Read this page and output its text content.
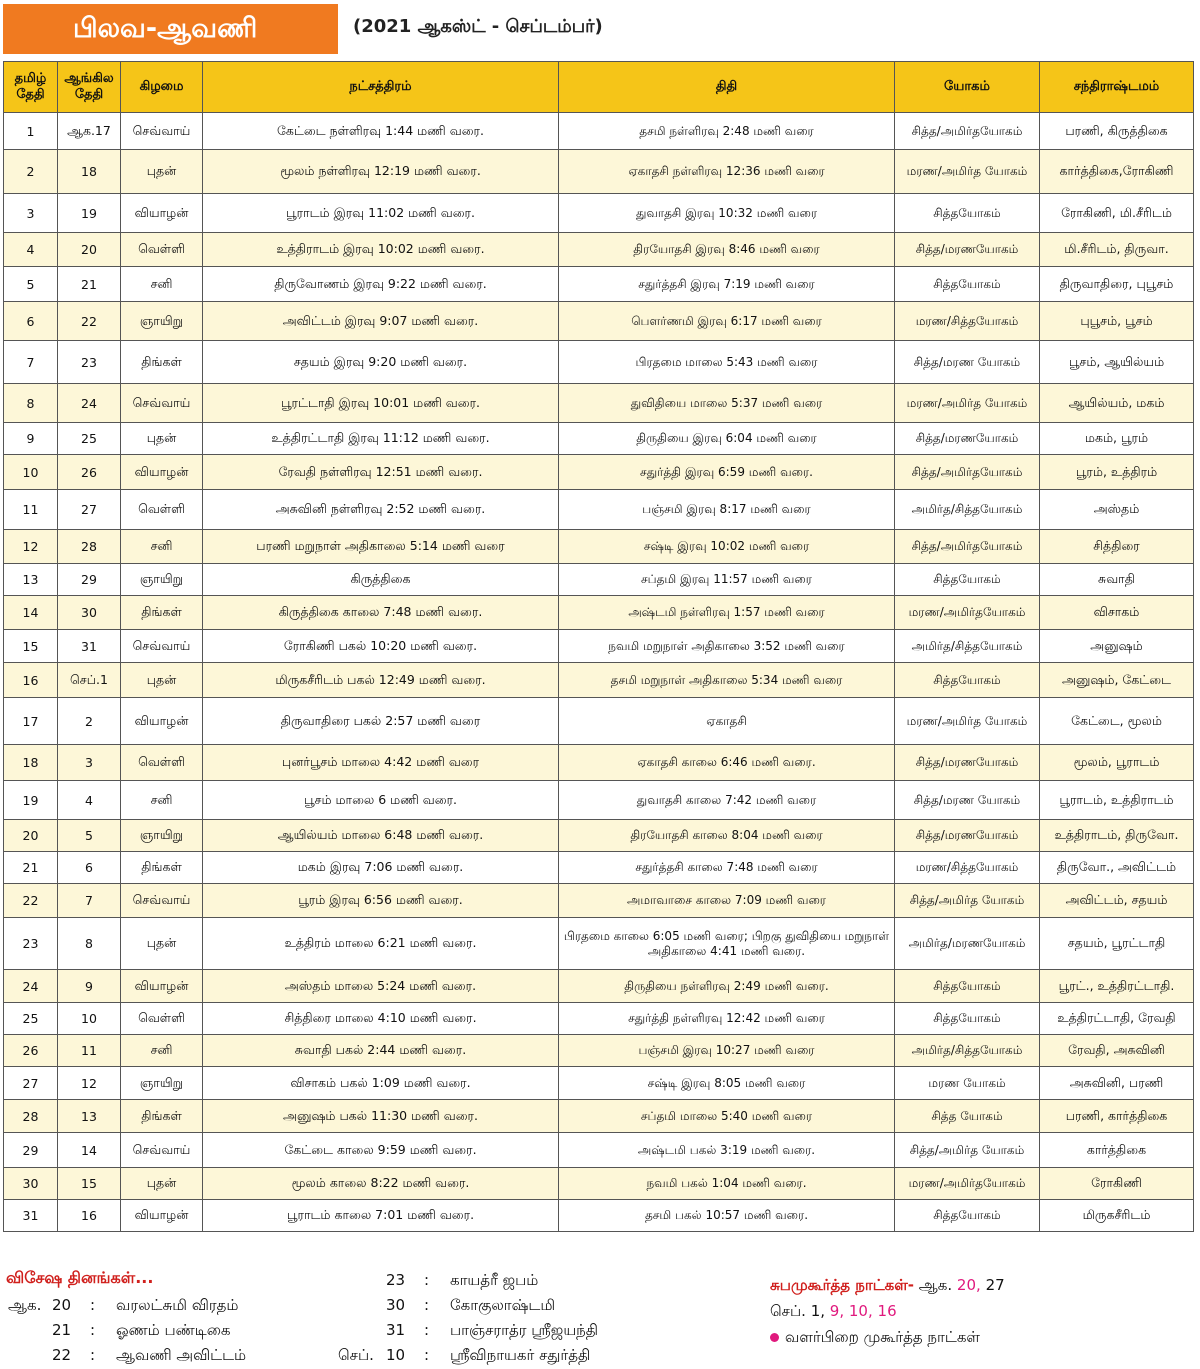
பிலவ-ஆவணி	(2021 ஆகஸ்ட் - செப்டம்பர்)
தமிழ் தேதி	ஆங்கில தேதி	கிழமை	நட்சத்திரம்	திதி	யோகம்	சந்திராஷ்டமம்
1	ஆக.17	செவ்வாய்	கேட்டை நள்ளிரவு 1:44 மணி வரை.	தசமி நள்ளிரவு 2:48 மணி வரை	சித்த/அமிர்தயோகம்	பரணி, கிருத்திகை
2	18	புதன்	மூலம் நள்ளிரவு 12:19 மணி வரை.	ஏகாதசி நள்ளிரவு 12:36 மணி வரை	மரண/அமிர்த யோகம்	கார்த்திகை,ரோகிணி
3	19	வியாழன்	பூராடம் இரவு 11:02 மணி வரை.	துவாதசி இரவு 10:32 மணி வரை	சித்தயோகம்	ரோகிணி, மி.சீரிடம்
4	20	வெள்ளி	உத்திராடம் இரவு 10:02 மணி வரை.	திரயோதசி இரவு 8:46 மணி வரை	சித்த/மரணயோகம்	மி.சீரிடம், திருவா.
5	21	சனி	திருவோணம் இரவு 9:22 மணி வரை.	சதுர்த்தசி இரவு 7:19 மணி வரை	சித்தயோகம்	திருவாதிரை, புபூசம்
6	22	ஞாயிறு	அவிட்டம் இரவு 9:07 மணி வரை.	பௌர்ணமி இரவு 6:17 மணி வரை	மரண/சித்தயோகம்	புபூசம், பூசம்
7	23	திங்கள்	சதயம் இரவு 9:20 மணி வரை.	பிரதமை மாலை 5:43 மணி வரை	சித்த/மரண யோகம்	பூசம், ஆயில்யம்
8	24	செவ்வாய்	பூரட்டாதி இரவு 10:01 மணி வரை.	துவிதியை மாலை 5:37 மணி வரை	மரண/அமிர்த யோகம்	ஆயில்யம், மகம்
9	25	புதன்	உத்திரட்டாதி இரவு 11:12 மணி வரை.	திருதியை இரவு 6:04 மணி வரை	சித்த/மரணயோகம்	மகம், பூரம்
10	26	வியாழன்	ரேவதி நள்ளிரவு 12:51 மணி வரை.	சதுர்த்தி இரவு 6:59 மணி வரை.	சித்த/அமிர்தயோகம்	பூரம், உத்திரம்
11	27	வெள்ளி	அசுவினி நள்ளிரவு 2:52 மணி வரை.	பஞ்சமி இரவு 8:17 மணி வரை	அமிர்த/சித்தயோகம்	அஸ்தம்
12	28	சனி	பரணி மறுநாள் அதிகாலை 5:14 மணி வரை	சஷ்டி இரவு 10:02 மணி வரை	சித்த/அமிர்தயோகம்	சித்திரை
13	29	ஞாயிறு	கிருத்திகை	சப்தமி இரவு 11:57 மணி வரை	சித்தயோகம்	சுவாதி
14	30	திங்கள்	கிருத்திகை காலை 7:48 மணி வரை.	அஷ்டமி நள்ளிரவு 1:57 மணி வரை	மரண/அமிர்தயோகம்	விசாகம்
15	31	செவ்வாய்	ரோகிணி பகல் 10:20 மணி வரை.	நவமி மறுநாள் அதிகாலை 3:52 மணி வரை	அமிர்த/சித்தயோகம்	அனுஷம்
16	செப்.1	புதன்	மிருகசீரிடம் பகல் 12:49 மணி வரை.	தசமி மறுநாள் அதிகாலை 5:34 மணி வரை	சித்தயோகம்	அனுஷம், கேட்டை
17	2	வியாழன்	திருவாதிரை பகல் 2:57 மணி வரை	ஏகாதசி	மரண/அமிர்த யோகம்	கேட்டை, மூலம்
18	3	வெள்ளி	புனர்பூசம் மாலை 4:42 மணி வரை	ஏகாதசி காலை 6:46 மணி வரை.	சித்த/மரணயோகம்	மூலம், பூராடம்
19	4	சனி	பூசம் மாலை 6 மணி வரை.	துவாதசி காலை 7:42 மணி வரை	சித்த/மரண யோகம்	பூராடம், உத்திராடம்
20	5	ஞாயிறு	ஆயில்யம் மாலை 6:48 மணி வரை.	திரயோதசி காலை 8:04 மணி வரை	சித்த/மரணயோகம்	உத்திராடம், திருவோ.
21	6	திங்கள்	மகம் இரவு 7:06 மணி வரை.	சதுர்த்தசி காலை 7:48 மணி வரை	மரண/சித்தயோகம்	திருவோ., அவிட்டம்
22	7	செவ்வாய்	பூரம் இரவு 6:56 மணி வரை.	அமாவாசை காலை 7:09 மணி வரை	சித்த/அமிர்த யோகம்	அவிட்டம், சதயம்
23	8	புதன்	உத்திரம் மாலை 6:21 மணி வரை.	பிரதமை காலை 6:05 மணி வரை; பிறகு துவிதியை மறுநாள் அதிகாலை 4:41 மணி வரை.	அமிர்த/மரணயோகம்	சதயம், பூரட்டாதி
24	9	வியாழன்	அஸ்தம் மாலை 5:24 மணி வரை.	திருதியை நள்ளிரவு 2:49 மணி வரை.	சித்தயோகம்	பூரட்., உத்திரட்டாதி.
25	10	வெள்ளி	சித்திரை மாலை 4:10 மணி வரை.	சதுர்த்தி நள்ளிரவு 12:42 மணி வரை	சித்தயோகம்	உத்திரட்டாதி, ரேவதி
26	11	சனி	சுவாதி பகல் 2:44 மணி வரை.	பஞ்சமி இரவு 10:27 மணி வரை	அமிர்த/சித்தயோகம்	ரேவதி, அசுவினி
27	12	ஞாயிறு	விசாகம் பகல் 1:09 மணி வரை.	சஷ்டி இரவு 8:05 மணி வரை	மரண யோகம்	அசுவினி, பரணி
28	13	திங்கள்	அனுஷம் பகல் 11:30 மணி வரை.	சப்தமி மாலை 5:40 மணி வரை	சித்த யோகம்	பரணி, கார்த்திகை
29	14	செவ்வாய்	கேட்டை காலை 9:59 மணி வரை.	அஷ்டமி பகல் 3:19 மணி வரை.	சித்த/அமிர்த யோகம்	கார்த்திகை
30	15	புதன்	மூலம் காலை 8:22 மணி வரை.	நவமி பகல் 1:04 மணி வரை.	மரண/அமிர்தயோகம்	ரோகிணி
31	16	வியாழன்	பூராடம் காலை 7:01 மணி வரை.	தசமி பகல் 10:57 மணி வரை.	சித்தயோகம்	மிருகசீரிடம்
விசேஷ தினங்கள்...
ஆக. 20 : வரலட்சுமி விரதம்
21 : ஓணம் பண்டிகை
22 : ஆவணி அவிட்டம்
23 : காயத்ரீ ஜபம்
30 : கோகுலாஷ்டமி
31 : பாஞ்சராத்ர ஸ்ரீஜயந்தி
செப். 10 : ஸ்ரீவிநாயகர் சதுர்த்தி
சுபமுகூர்த்த நாட்கள்- ஆக. 20, 27
செப். 1, 9, 10, 16
வளர்பிறை முகூர்த்த நாட்கள்
